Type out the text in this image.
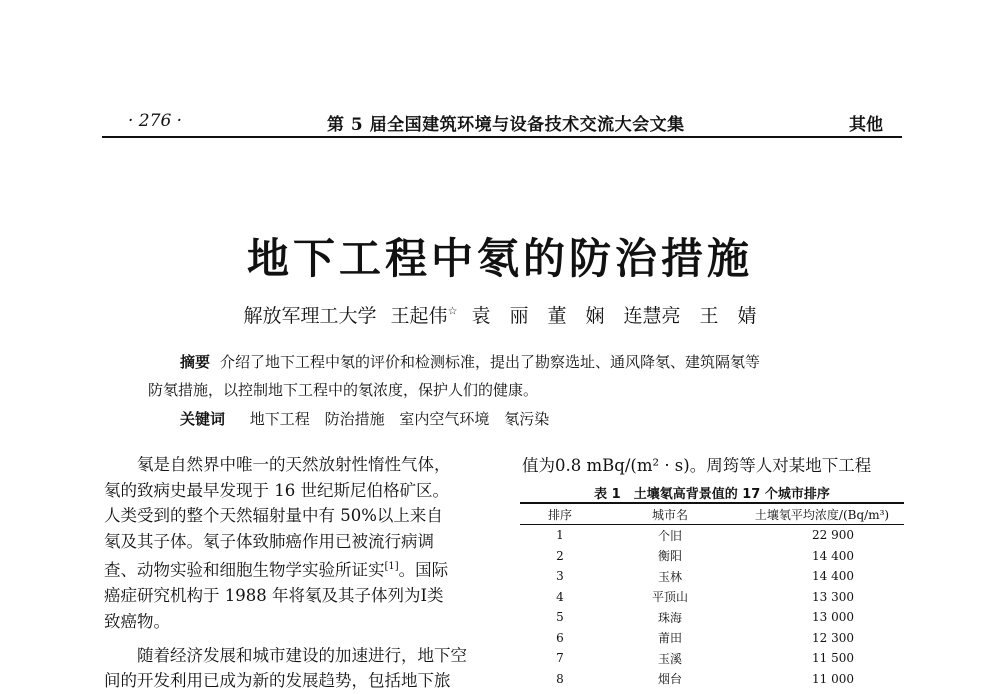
· 276 ·	第 5 届全国建筑环境与设备技术交流大会文集	其他
地下工程中氡的防治措施
解放军理工大学 王起伟☆ 袁　丽　董　娴　连慧亮　王　婧
摘要 介绍了地下工程中氡的评价和检测标准，提出了勘察选址、通风降氡、建筑隔氡等
防氡措施，以控制地下工程中的氡浓度，保护人们的健康。
关键词 地下工程 防治措施 室内空气环境 氡污染

氡是自然界中唯一的天然放射性惰性气体，
氡的致病史最早发现于 16 世纪斯尼伯格矿区。
人类受到的整个天然辐射量中有 50%以上来自
氡及其子体。氡子体致肺癌作用已被流行病调
查、动物实验和细胞生物学实验所证实[1]。国际
癌症研究机构于 1988 年将氡及其子体列为Ⅰ类
致癌物。

随着经济发展和城市建设的加速进行，地下空
间的开发利用已成为新的发展趋势，包括地下旅

值为0.8 mBq/(m² · s)。周筠等人对某地下工程
表 1　土壤氡高背景值的 17 个城市排序
排序	城市名	土壤氡平均浓度/(Bq/m³)
1	个旧	22 900
2	衡阳	14 400
3	玉林	14 400
4	平顶山	13 300
5	珠海	13 000
6	莆田	12 300
7	玉溪	11 500
8	烟台	11 000
